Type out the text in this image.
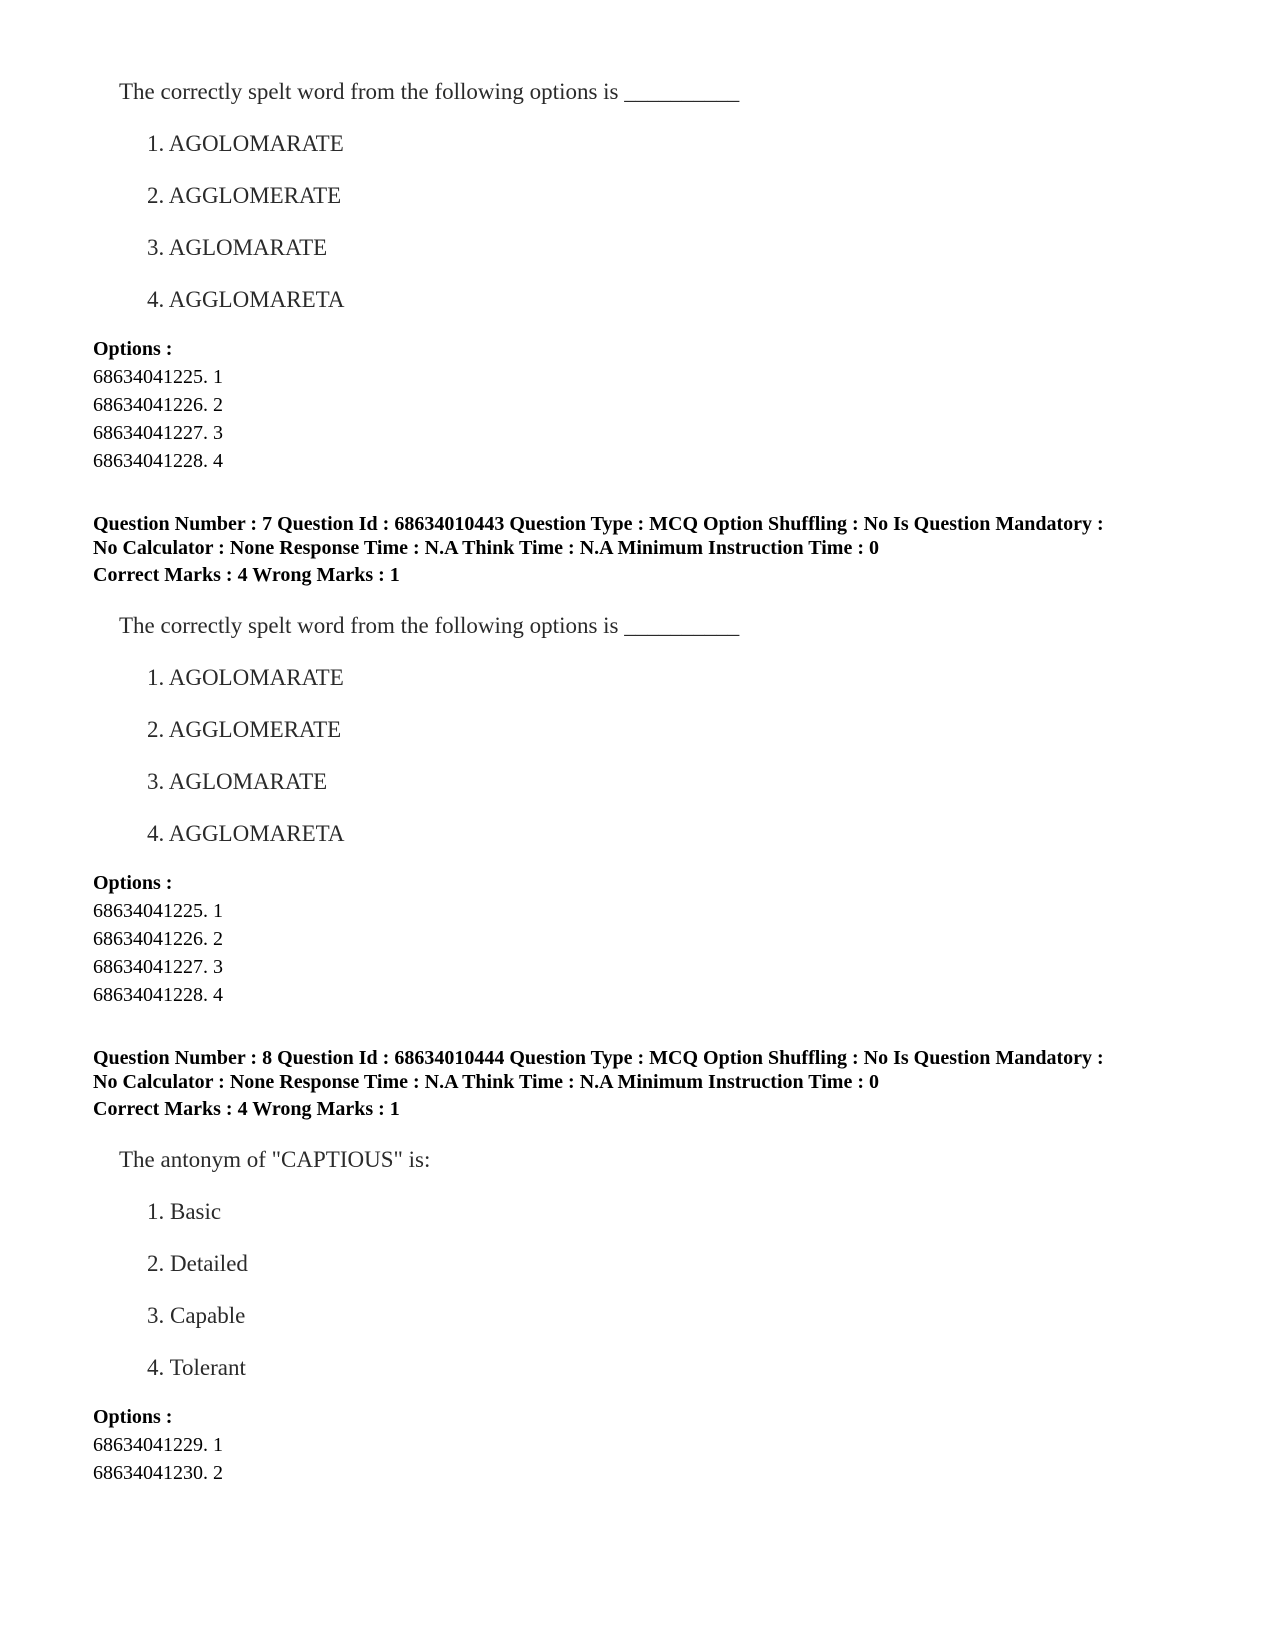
The correctly spelt word from the following options is __________
1. AGOLOMARATE
2. AGGLOMERATE
3. AGLOMARATE
4. AGGLOMARETA
Options :
68634041225. 1
68634041226. 2
68634041227. 3
68634041228. 4
Question Number : 7 Question Id : 68634010443 Question Type : MCQ Option Shuffling : No Is Question Mandatory :
No Calculator : None Response Time : N.A Think Time : N.A Minimum Instruction Time : 0
Correct Marks : 4 Wrong Marks : 1
The correctly spelt word from the following options is __________
1. AGOLOMARATE
2. AGGLOMERATE
3. AGLOMARATE
4. AGGLOMARETA
Options :
68634041225. 1
68634041226. 2
68634041227. 3
68634041228. 4
Question Number : 8 Question Id : 68634010444 Question Type : MCQ Option Shuffling : No Is Question Mandatory :
No Calculator : None Response Time : N.A Think Time : N.A Minimum Instruction Time : 0
Correct Marks : 4 Wrong Marks : 1
The antonym of "CAPTIOUS" is:
1. Basic
2. Detailed
3. Capable
4. Tolerant
Options :
68634041229. 1
68634041230. 2
